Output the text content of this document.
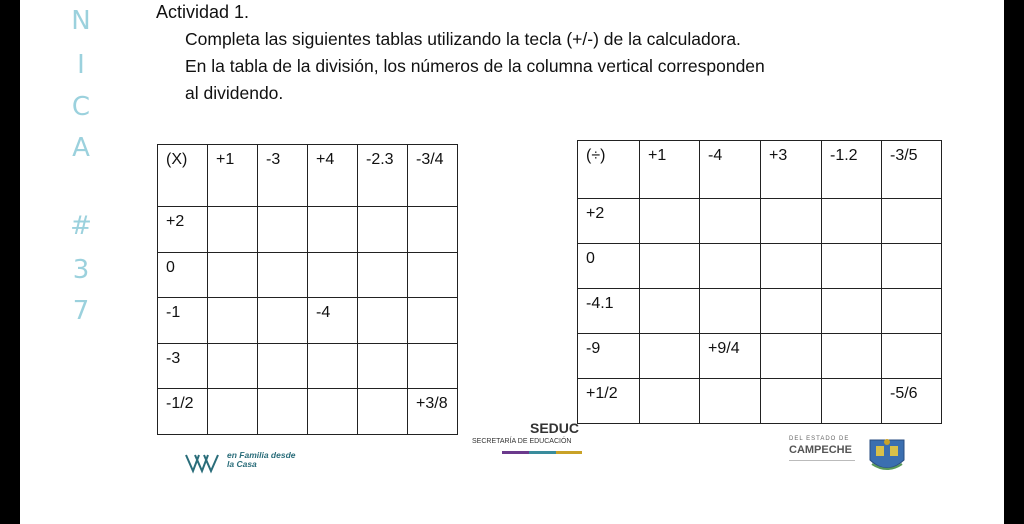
N
I
C
A
#
3
7
Actividad 1.
Completa las siguientes tablas utilizando la tecla (+/-) de la calculadora.
En la tabla de la división, los números de la columna vertical corresponden
al dividendo.
(X)	+1	-3	+4	-2.3	-3/4
+2					
0					
-1			-4		
-3					
-1/2					+3/8
(÷)	+1	-4	+3	-1.2	-3/5
+2					
0					
-4.1					
-9		+9/4			
+1/2					-5/6
en Familia desde
la Casa
SEDUC
SECRETARÍA DE EDUCACIÓN	DEL ESTADO DE
CAMPECHE
